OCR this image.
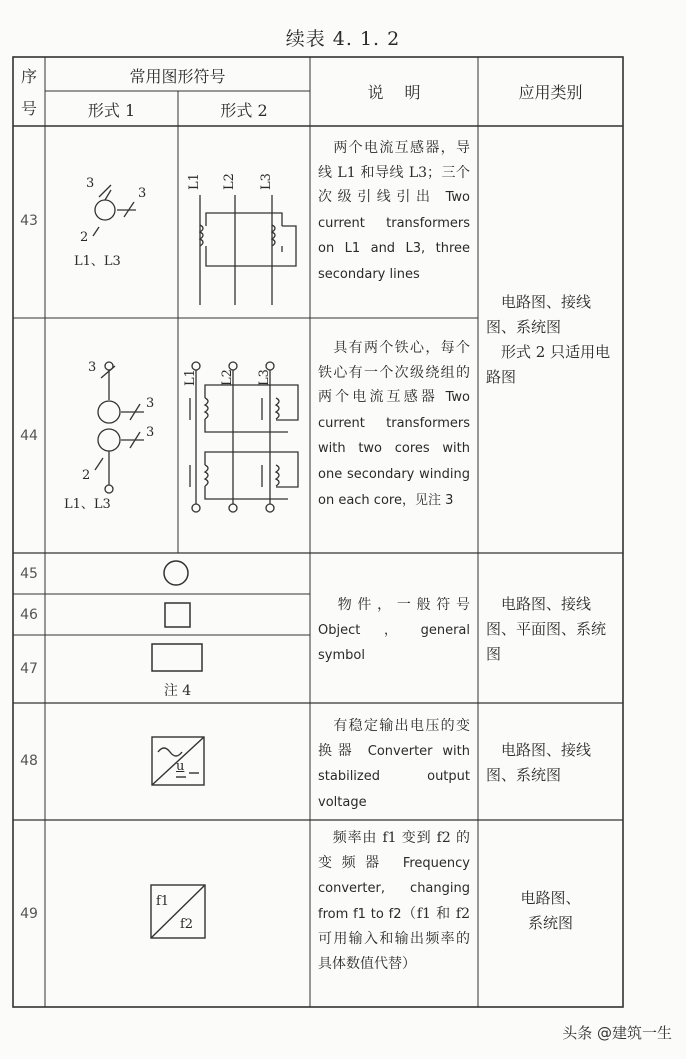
续表 4. 1. 2
序
号
常用图形符号
形式 1	形式 2
说　 明	应用类别
43
44
45
46
47
48
49
3
3
2
L1、L3
L1 L2 L3
3
3
3
2
L1、L3
L1 L2 L3
注 4
u
f1
f2
两个电流互感器，导线 L1 和导线 L3；三个次级引线引出 Two current transformers on L1 and L3, three secondary lines
具有两个铁心，每个铁心有一个次级绕组的两个电流互感器 Two current transformers with two cores with one secondary winding on each core，见注 3
物件，一般符号 Object，general symbol
有稳定输出电压的变换器 Converter with stabilized output voltage
频率由 f1 变到 f2 的变频器 Frequency converter, changing from f1 to f2（f1 和 f2 可用输入和输出频率的具体数值代替）
电路图、接线图、系统图
形式 2 只适用电路图
电路图、接线图、平面图、系统图
电路图、接线图、系统图
电路图、
系统图
头条 @建筑一生
